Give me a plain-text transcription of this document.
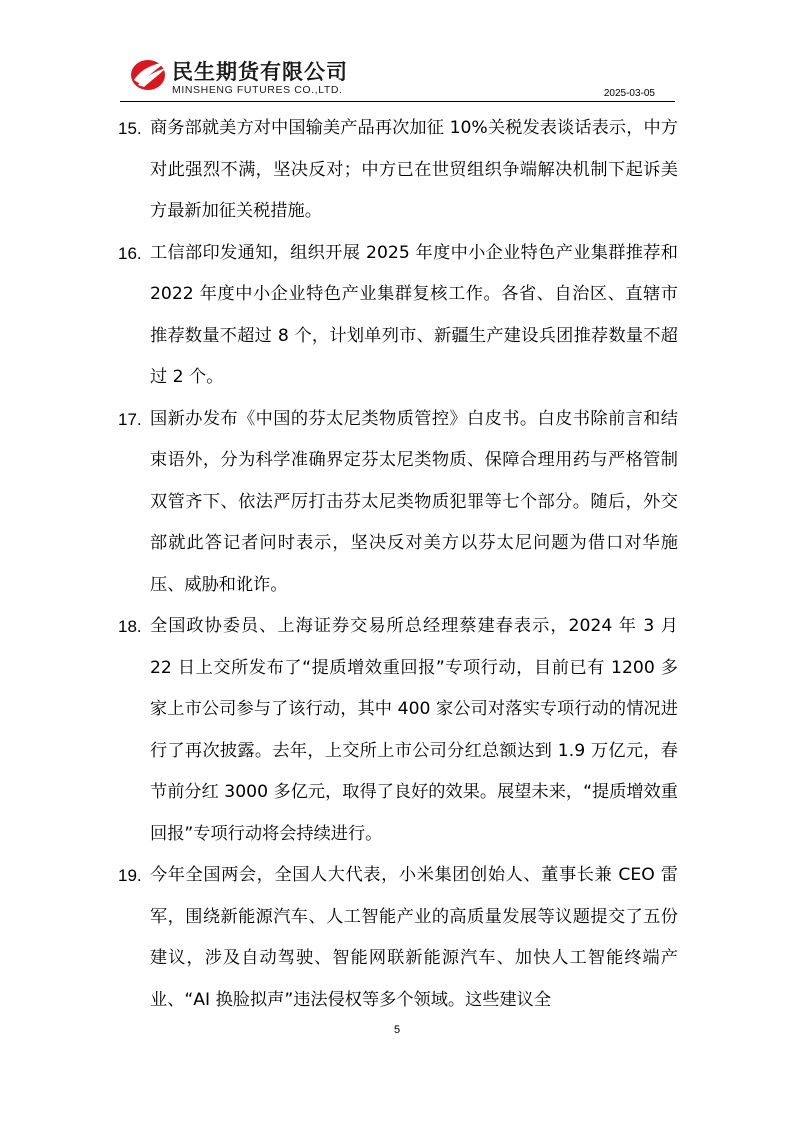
民生期货有限公司
MINSHENG FUTURES CO.,LTD.	2025-03-05
15. 商务部就美方对中国输美产品再次加征 10%关税发表谈话表示，中方对此强烈不满，坚决反对；中方已在世贸组织争端解决机制下起诉美方最新加征关税措施。
16. 工信部印发通知，组织开展 2025 年度中小企业特色产业集群推荐和 2022 年度中小企业特色产业集群复核工作。各省、自治区、直辖市推荐数量不超过 8 个，计划单列市、新疆生产建设兵团推荐数量不超过 2 个。
17. 国新办发布《中国的芬太尼类物质管控》白皮书。白皮书除前言和结束语外，分为科学准确界定芬太尼类物质、保障合理用药与严格管制双管齐下、依法严厉打击芬太尼类物质犯罪等七个部分。随后，外交部就此答记者问时表示，坚决反对美方以芬太尼问题为借口对华施压、威胁和讹诈。
18. 全国政协委员、上海证券交易所总经理蔡建春表示，2024 年 3 月 22 日上交所发布了“提质增效重回报”专项行动，目前已有 1200 多家上市公司参与了该行动，其中 400 家公司对落实专项行动的情况进行了再次披露。去年，上交所上市公司分红总额达到 1.9 万亿元，春节前分红 3000 多亿元，取得了良好的效果。展望未来，“提质增效重回报”专项行动将会持续进行。
19. 今年全国两会，全国人大代表，小米集团创始人、董事长兼 CEO 雷军，围绕新能源汽车、人工智能产业的高质量发展等议题提交了五份建议，涉及自动驾驶、智能网联新能源汽车、加快人工智能终端产业、“AI 换脸拟声”违法侵权等多个领域。这些建议全
5
